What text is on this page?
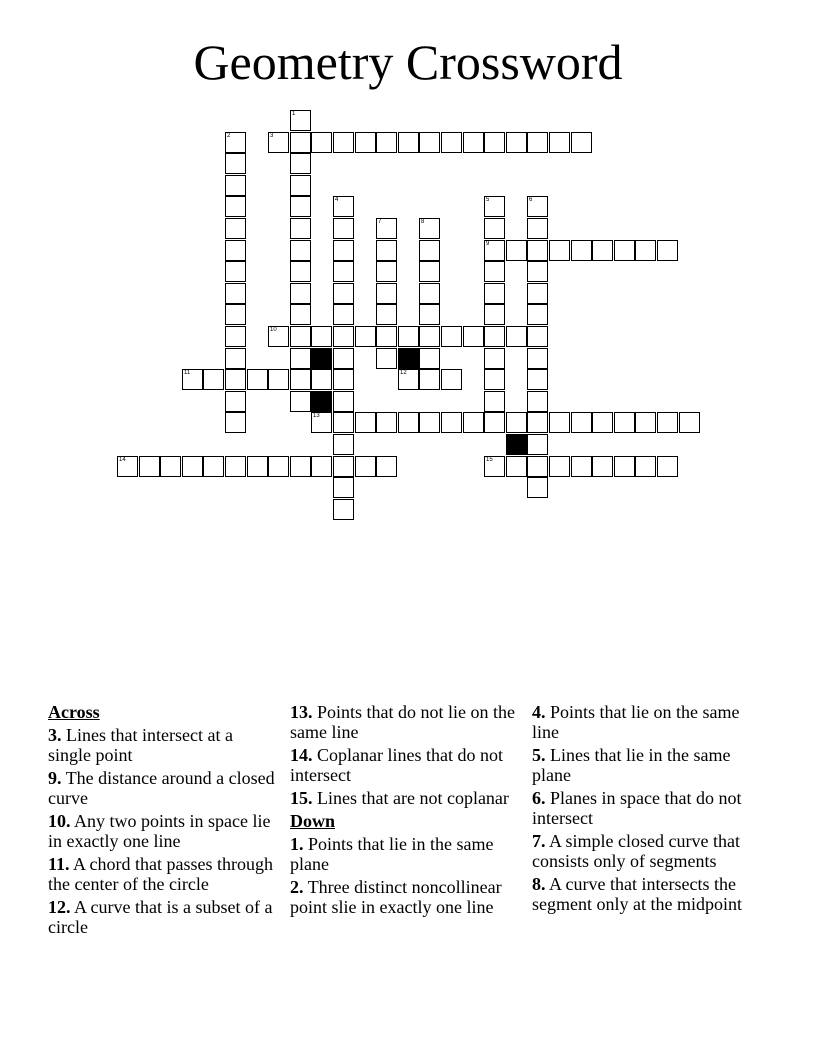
Geometry Crossword
1
2	3
4	5
9
6
7	8
10
11	12
13
14	15
Across
3. Lines that intersect at a single point
9. The distance around a closed curve
10. Any two points in space lie in exactly one line
11. A chord that passes through the center of the circle
12. A curve that is a subset of a circle
13. Points that do not lie on the same line
14. Coplanar lines that do not intersect
15. Lines that are not coplanar
Down
1. Points that lie in the same plane
2. Three distinct noncollinear point slie in exactly one line
4. Points that lie on the same line
5. Lines that lie in the same plane
6. Planes in space that do not intersect
7. A simple closed curve that consists only of segments
8. A curve that intersects the segment only at the midpoint
